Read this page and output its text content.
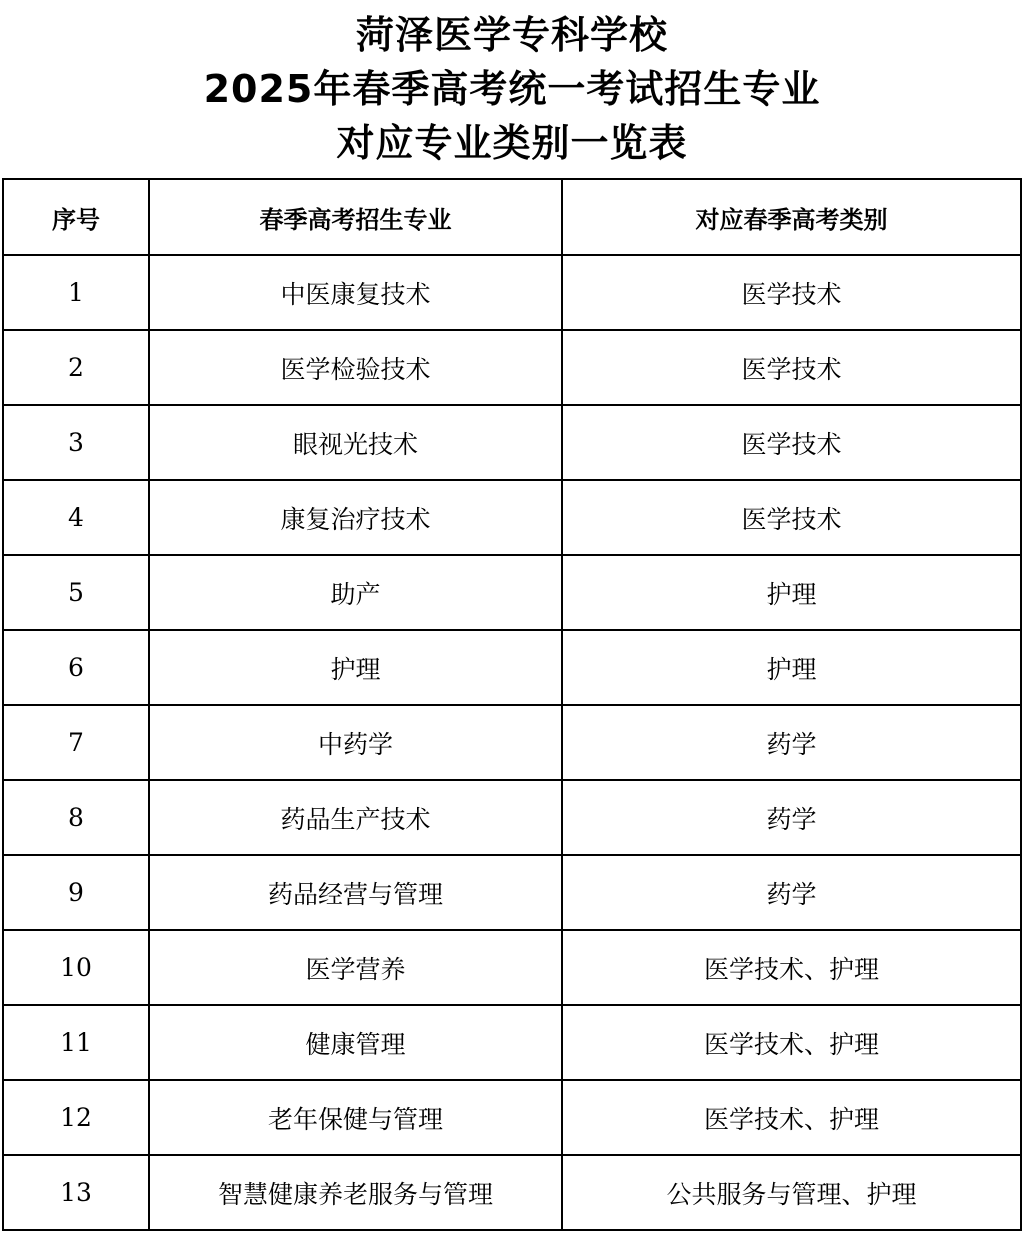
菏泽医学专科学校
2025年春季高考统一考试招生专业
对应专业类别一览表
序号	春季高考招生专业	对应春季高考类别
1	中医康复技术	医学技术
2	医学检验技术	医学技术
3	眼视光技术	医学技术
4	康复治疗技术	医学技术
5	助产	护理
6	护理	护理
7	中药学	药学
8	药品生产技术	药学
9	药品经营与管理	药学
10	医学营养	医学技术、护理
11	健康管理	医学技术、护理
12	老年保健与管理	医学技术、护理
13	智慧健康养老服务与管理	公共服务与管理、护理
